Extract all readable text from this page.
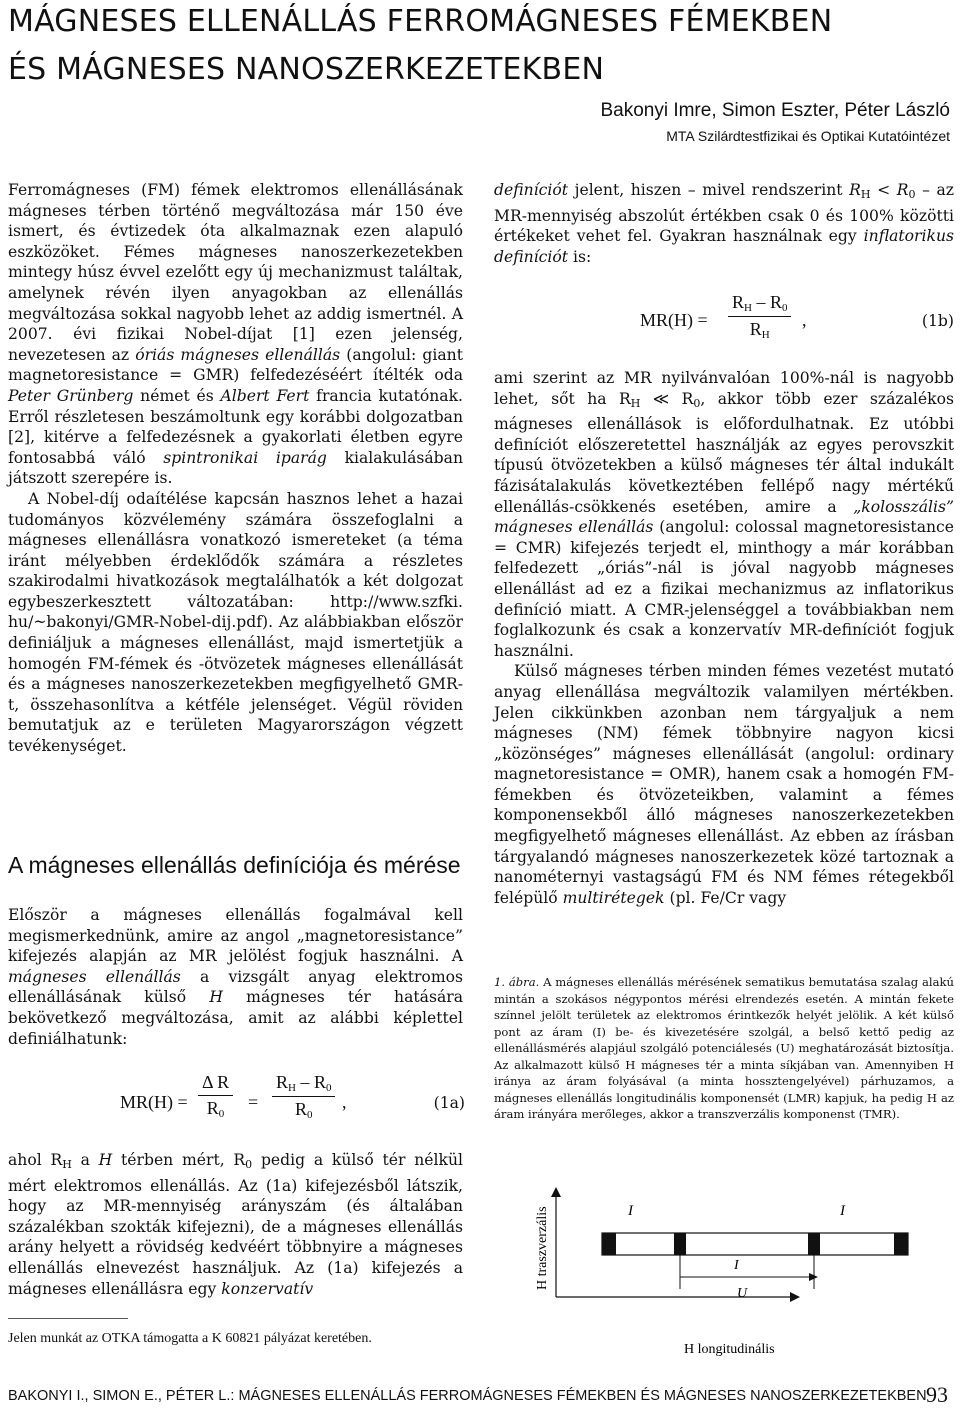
MÁGNESES ELLENÁLLÁS FERROMÁGNESES FÉMEKBEN
ÉS MÁGNESES NANOSZERKEZETEKBEN
Bakonyi Imre, Simon Eszter, Péter László
MTA Szilárdtestfizikai és Optikai Kutatóintézet

Ferromágneses (FM) fémek elektromos ellenállásának mágneses térben történő megváltozása már 150 éve ismert, és évtizedek óta alkalmaznak ezen alapuló eszközöket. Fémes mágneses nanoszerkezetekben mintegy húsz évvel ezelőtt egy új mechanizmust találtak, amelynek révén ilyen anyagokban az ellenállás megváltozása sokkal nagyobb lehet az addig ismertnél. A 2007. évi fizikai Nobel-díjat [1] ezen jelenség, nevezetesen az óriás mágneses ellenállás (angolul: giant magnetoresistance = GMR) felfedezéséért ítélték oda Peter Grünberg német és Albert Fert francia kutatónak. Erről részletesen beszámoltunk egy korábbi dolgozatban [2], kitérve a felfedezésnek a gyakorlati életben egyre fontosabbá váló spintronikai iparág kialakulásában játszott szerepére is.

A Nobel-díj odaítélése kapcsán hasznos lehet a hazai tudományos közvélemény számára összefoglalni a mágneses ellenállásra vonatkozó ismereteket (a téma iránt mélyebben érdeklődők számára a részletes szakirodalmi hivatkozások megtalálhatók a két dolgozat egybeszerkesztett változatában: http://www.szfki. hu/~bakonyi/GMR-Nobel-dij.pdf). Az alábbiakban először definiáljuk a mágneses ellenállást, majd ismertetjük a homogén FM-fémek és -ötvözetek mágneses ellenállását és a mágneses nanoszerkezetekben megfigyelhető GMR-t, összehasonlítva a kétféle jelenséget. Végül röviden bemutatjuk az e területen Magyarországon végzett tevékenységet.

A mágneses ellenállás definíciója és mérése

Először a mágneses ellenállás fogalmával kell megismerkednünk, amire az angol „magnetoresistance” kifejezés alapján az MR jelölést fogjuk használni. A mágneses ellenállás a vizsgált anyag elektromos ellenállásának külső H mágneses tér hatására bekövetkező megváltozása, amit az alábbi képlettel definiálhatunk:

$MR(H) = \frac{\text{Δ R}}{R_0} = \frac{R_H - R_0}{R_0}$ ,	(1a)

ahol $R_H$ a H térben mért, $R_0$ pedig a külső tér nélkül mért elektromos ellenállás. Az (1a) kifejezésből látszik, hogy az MR-mennyiség arányszám (és általában százalékban szokták kifejezni), de a mágneses ellenállás arány helyett a rövidség kedvéért többnyire a mágneses ellenállás elnevezést használjuk. Az (1a) kifejezés a mágneses ellenállásra egy konzervatív

Jelen munkát az OTKA támogatta a K 60821 pályázat keretében.

definíciót jelent, hiszen – mivel rendszerint $R_H < R_0$ – az MR-mennyiség abszolút értékben csak 0 és 100% közötti értékeket vehet fel. Gyakran használnak egy inflatorikus definíciót is:

$MR(H) = \frac{R_H - R_0}{R_H}$ ,	(1b)

ami szerint az MR nyilvánvalóan 100%-nál is nagyobb lehet, sőt ha $R_H$ ≪ $R_0$, akkor több ezer százalékos mágneses ellenállások is előfordulhatnak. Ez utóbbi definíciót előszeretettel használják az egyes perovszkit típusú ötvözetekben a külső mágneses tér által indukált fázisátalakulás következtében fellépő nagy mértékű ellenállás-csökkenés esetében, amire a „kolosszális” mágneses ellenállás (angolul: colossal magnetoresistance = CMR) kifejezés terjedt el, minthogy a már korábban felfedezett „óriás”-nál is jóval nagyobb mágneses ellenállást ad ez a fizikai mechanizmus az inflatorikus definíció miatt. A CMR-jelenséggel a továbbiakban nem foglalkozunk és csak a konzervatív MR-definíciót fogjuk használni.

Külső mágneses térben minden fémes vezetést mutató anyag ellenállása megváltozik valamilyen mértékben. Jelen cikkünkben azonban nem tárgyaljuk a nem mágneses (NM) fémek többnyire nagyon kicsi „közönséges” mágneses ellenállását (angolul: ordinary magnetoresistance = OMR), hanem csak a homogén FM-fémekben és ötvözeteikben, valamint a fémes komponensekből álló mágneses nanoszerkezetekben megfigyelhető mágneses ellenállást. Az ebben az írásban tárgyalandó mágneses nanoszerkezetek közé tartoznak a nanométernyi vastagságú FM és NM fémes rétegekből felépülő multirétegek (pl. Fe/Cr vagy

1. ábra. A mágneses ellenállás mérésének sematikus bemutatása szalag alakú mintán a szokásos négypontos mérési elrendezés esetén. A mintán fekete színnel jelölt területek az elektromos érintkezők helyét jelölik. A két külső pont az áram (I) be- és kivezetésére szolgál, a belső kettő pedig az ellenállásmérés alapjául szolgáló potenciálesés (U) meghatározását biztosítja. Az alkalmazott külső H mágneses tér a minta síkjában van. Amennyiben H iránya az áram folyásával (a minta hossztengelyével) párhuzamos, a mágneses ellenállás longitudinális komponensét (LMR) kapjuk, ha pedig H az áram irányára merőleges, akkor a transzverzális komponenst (TMR).
H traszverzális
H longitudinális
I	I
I
U
BAKONYI I., SIMON E., PÉTER L.: MÁGNESES ELLENÁLLÁS FERROMÁGNESES FÉMEKBEN ÉS MÁGNESES NANOSZERKEZETEKBEN 93
